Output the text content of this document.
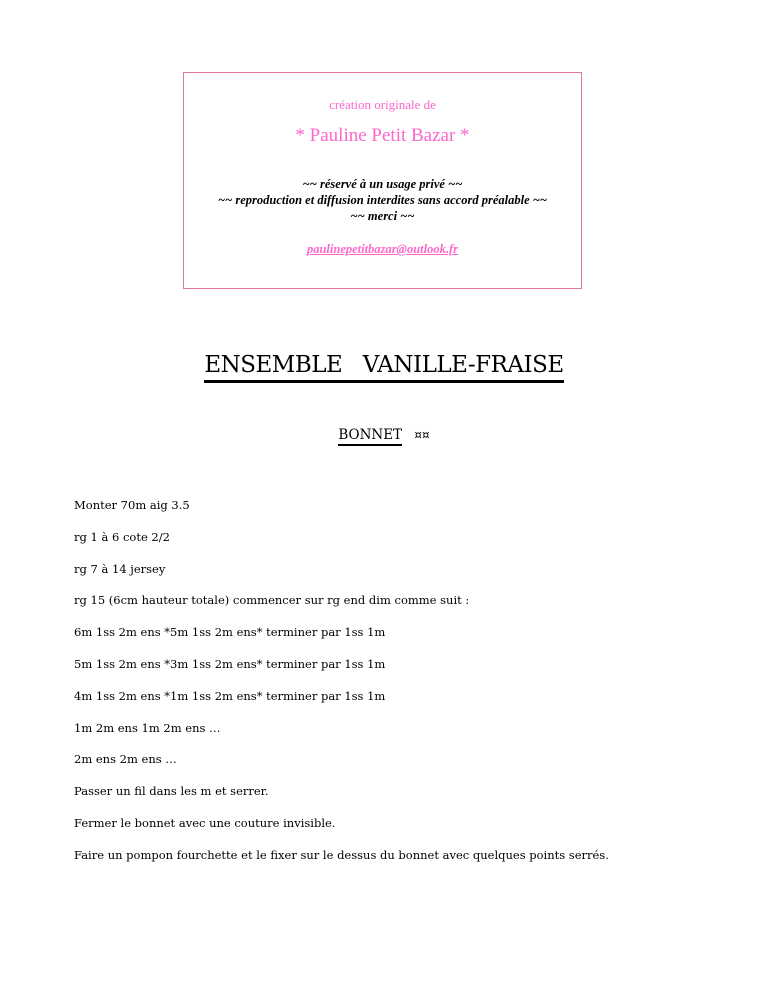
création originale de
* Pauline Petit Bazar *
~~ réservé à un usage privé ~~
~~ reproduction et diffusion interdites sans accord préalable ~~
~~ merci ~~
paulinepetitbazar@outlook.fr
ENSEMBLE   VANILLE-FRAISE
BONNET ¤¤
Monter 70m aig 3.5
rg 1 à 6 cote 2/2
rg 7 à 14 jersey
rg 15 (6cm hauteur totale) commencer sur rg end dim comme suit :
6m 1ss 2m ens *5m 1ss 2m ens* terminer par 1ss 1m
5m 1ss 2m ens *3m 1ss 2m ens* terminer par 1ss 1m
4m 1ss 2m ens *1m 1ss 2m ens* terminer par 1ss 1m
1m 2m ens 1m 2m ens …
2m ens 2m ens …
Passer un fil dans les m et serrer.
Fermer le bonnet avec une couture invisible.
Faire un pompon fourchette et le fixer sur le dessus du bonnet avec quelques points serrés.
